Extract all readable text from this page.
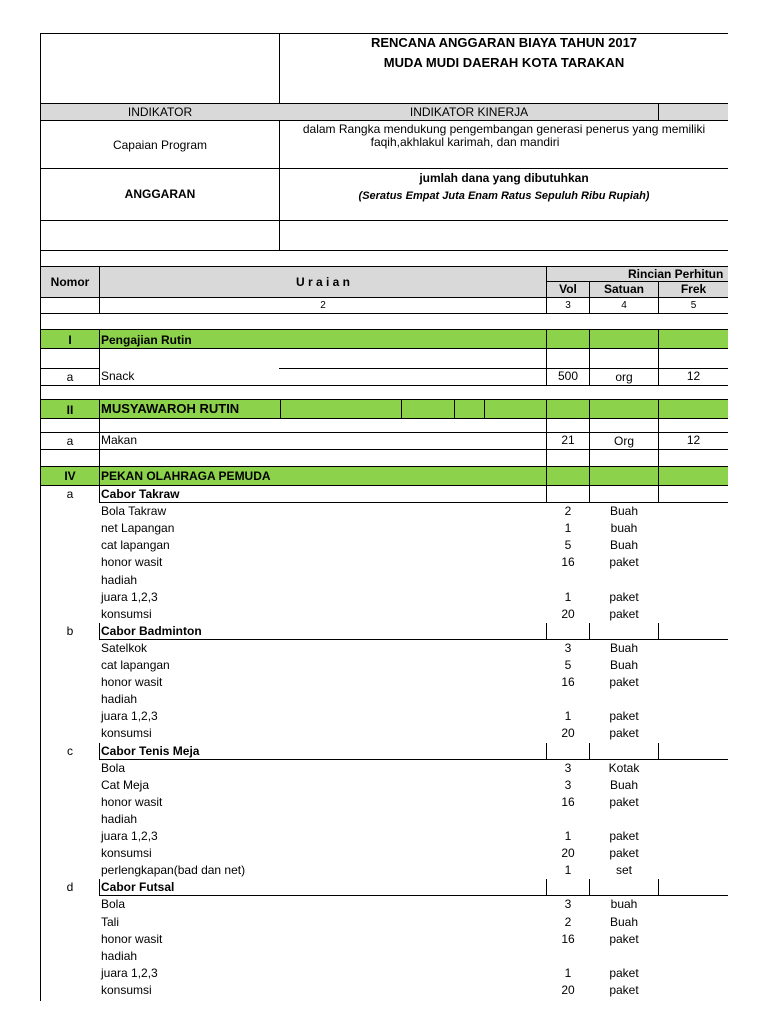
RENCANA ANGGARAN BIAYA TAHUN 2017
MUDA MUDI DAERAH KOTA TARAKAN
INDIKATOR	INDIKATOR KINERJA
Capaian Program
dalam Rangka mendukung pengembangan generasi penerus yang memiliki
faqih,akhlakul karimah, dan mandiri
ANGGARAN
jumlah dana yang dibutuhkan
(Seratus Empat Juta Enam Ratus Sepuluh Ribu Rupiah)
Nomor	U r a i a n
Rincian Perhitun
Vol	Satuan	Frek
2	3	4	5
I	Pengajian Rutin
a	Snack	500	org	12
II	MUSYAWAROH RUTIN
a	Makan	21	Org	12
IV	PEKAN OLAHRAGA PEMUDA
a	Cabor Takraw
Bola Takraw	2	Buah
net Lapangan	1	buah
cat lapangan	5	Buah
honor wasit	16	paket
hadiah
juara 1,2,3	1	paket
konsumsi	20	paket
b	Cabor Badminton
Satelkok	3	Buah
cat lapangan	5	Buah
honor wasit	16	paket
hadiah
juara 1,2,3	1	paket
konsumsi	20	paket
c	Cabor Tenis Meja
Bola	3	Kotak
Cat Meja	3	Buah
honor wasit	16	paket
hadiah
juara 1,2,3	1	paket
konsumsi	20	paket
perlengkapan(bad dan net)	1	set
d	Cabor Futsal
Bola	3	buah
Tali	2	Buah
honor wasit	16	paket
hadiah
juara 1,2,3	1	paket
konsumsi	20	paket
